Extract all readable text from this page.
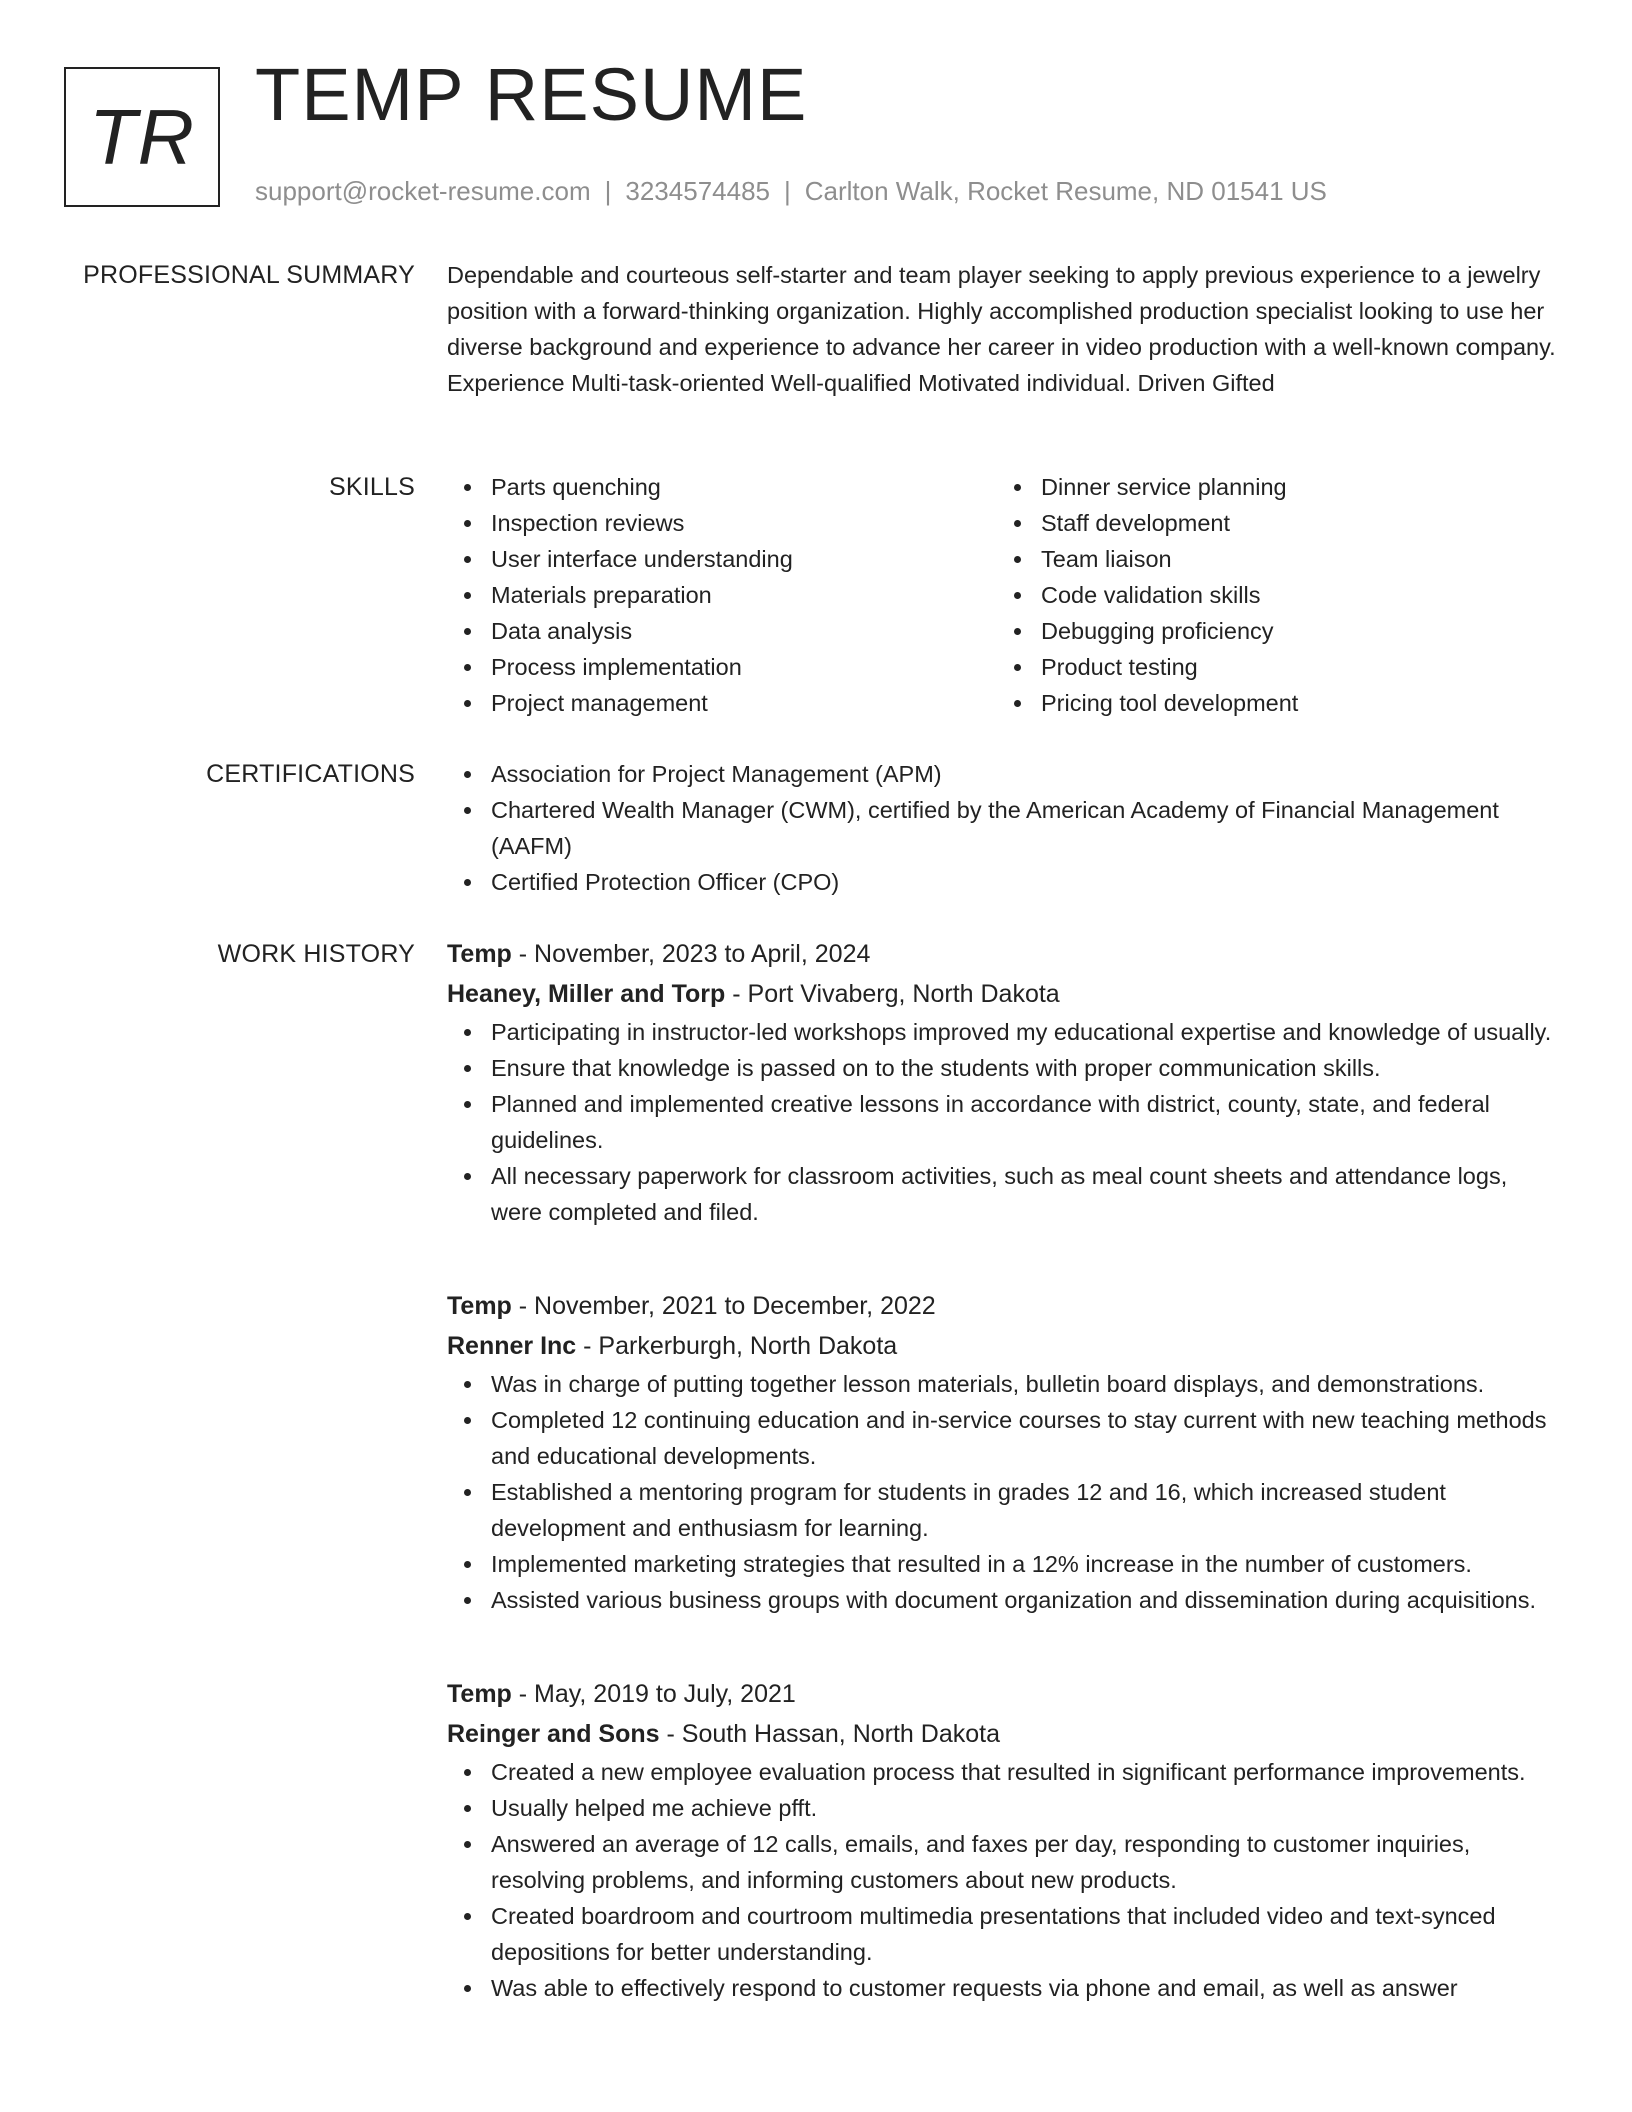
TR TEMP RESUME
support@rocket-resume.com | 3234574485 | Carlton Walk, Rocket Resume, ND 01541 US
PROFESSIONAL SUMMARY Dependable and courteous self-starter and team player seeking to apply previous experience to a jewelry position with a forward-thinking organization. Highly accomplished production specialist looking to use her diverse background and experience to advance her career in video production with a well-known company. Experience Multi-task-oriented Well-qualified Motivated individual. Driven Gifted

SKILLS	Parts quenching
Inspection reviews
User interface understanding
Materials preparation
Data analysis
Process implementation
Project management
Dinner service planning
Staff development
Team liaison
Code validation skills
Debugging proficiency
Product testing
Pricing tool development
CERTIFICATIONS	Association for Project Management (APM)
Chartered Wealth Manager (CWM), certified by the American Academy of Financial Management (AAFM)
Certified Protection Officer (CPO)
WORK HISTORY Temp - November, 2023 to April, 2024
Heaney, Miller and Torp - Port Vivaberg, North Dakota
Participating in instructor-led workshops improved my educational expertise and knowledge of usually.
Ensure that knowledge is passed on to the students with proper communication skills.
Planned and implemented creative lessons in accordance with district, county, state, and federal guidelines.
All necessary paperwork for classroom activities, such as meal count sheets and attendance logs, were completed and filed.
Temp - November, 2021 to December, 2022
Renner Inc - Parkerburgh, North Dakota
Was in charge of putting together lesson materials, bulletin board displays, and demonstrations.
Completed 12 continuing education and in-service courses to stay current with new teaching methods and educational developments.
Established a mentoring program for students in grades 12 and 16, which increased student development and enthusiasm for learning.
Implemented marketing strategies that resulted in a 12% increase in the number of customers.
Assisted various business groups with document organization and dissemination during acquisitions.
Temp - May, 2019 to July, 2021
Reinger and Sons - South Hassan, North Dakota
Created a new employee evaluation process that resulted in significant performance improvements.
Usually helped me achieve pfft.
Answered an average of 12 calls, emails, and faxes per day, responding to customer inquiries, resolving problems, and informing customers about new products.
Created boardroom and courtroom multimedia presentations that included video and text-synced depositions for better understanding.
Was able to effectively respond to customer requests via phone and email, as well as answer
